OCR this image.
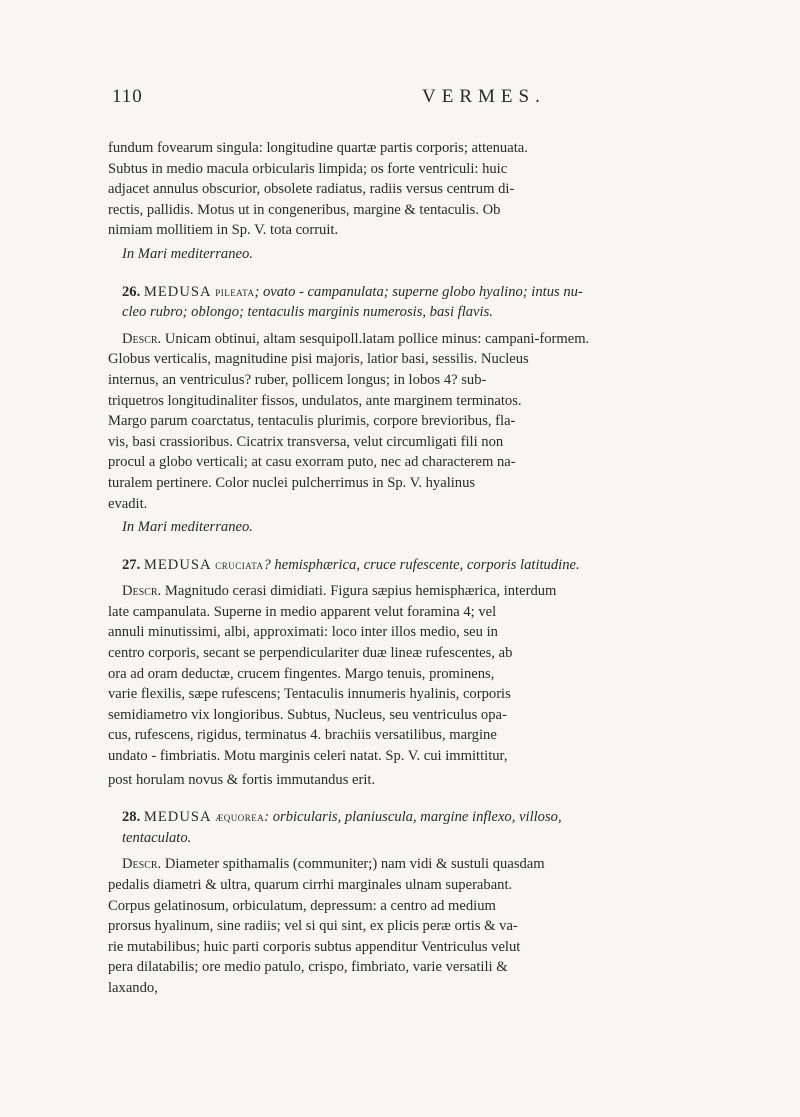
110	VERMES.

fundum fovearum singula: longitudine quartæ partis corporis; attenuata.

Subtus in medio macula orbicularis limpida; os forte ventriculi: huic

adjacet annulus obscurior, obsolete radiatus, radiis versus centrum di-

rectis, pallidis. Motus ut in congeneribus, margine & tentaculis. Ob

nimiam mollitiem in Sp. V. tota corruit.

In Mari mediterraneo.

26. MEDUSA pileata; ovato - campanulata; superne globo hyalino; intus nu-

cleo rubro; oblongo; tentaculis marginis numerosis, basi flavis.

Descr. Unicam obtinui, altam sesquipoll.latam pollice minus: campani-formem.

Globus verticalis, magnitudine pisi majoris, latior basi, sessilis. Nucleus

internus, an ventriculus? ruber, pollicem longus; in lobos 4? sub-

triquetros longitudinaliter fissos, undulatos, ante marginem terminatos.

Margo parum coarctatus, tentaculis plurimis, corpore brevioribus, fla-

vis, basi crassioribus. Cicatrix transversa, velut circumligati fili non

procul a globo verticali; at casu exorram puto, nec ad characterem na-

turalem pertinere. Color nuclei pulcherrimus in Sp. V. hyalinus

evadit.

In Mari mediterraneo.

27. MEDUSA cruciata? hemisphærica, cruce rufescente, corporis latitudine.

Descr. Magnitudo cerasi dimidiati. Figura sæpius hemisphærica, interdum

late campanulata. Superne in medio apparent velut foramina 4; vel

annuli minutissimi, albi, approximati: loco inter illos medio, seu in

centro corporis, secant se perpendiculariter duæ lineæ rufescentes, ab

ora ad oram deductæ, crucem fingentes. Margo tenuis, prominens,

varie flexilis, sæpe rufescens; Tentaculis innumeris hyalinis, corporis

semidiametro vix longioribus. Subtus, Nucleus, seu ventriculus opa-

cus, rufescens, rigidus, terminatus 4. brachiis versatilibus, margine

undato - fimbriatis. Motu marginis celeri natat. Sp. V. cui immittitur,

post horulam novus & fortis immutandus erit.

28. MEDUSA æquorea: orbicularis, planiuscula, margine inflexo, villoso,

tentaculato.

Descr. Diameter spithamalis (communiter;) nam vidi & sustuli quasdam

pedalis diametri & ultra, quarum cirrhi marginales ulnam superabant.

Corpus gelatinosum, orbiculatum, depressum: a centro ad medium

prorsus hyalinum, sine radiis; vel si qui sint, ex plicis peræ ortis & va-

rie mutabilibus; huic parti corporis subtus appenditur Ventriculus velut

pera dilatabilis; ore medio patulo, crispo, fimbriato, varie versatili &

laxando,
